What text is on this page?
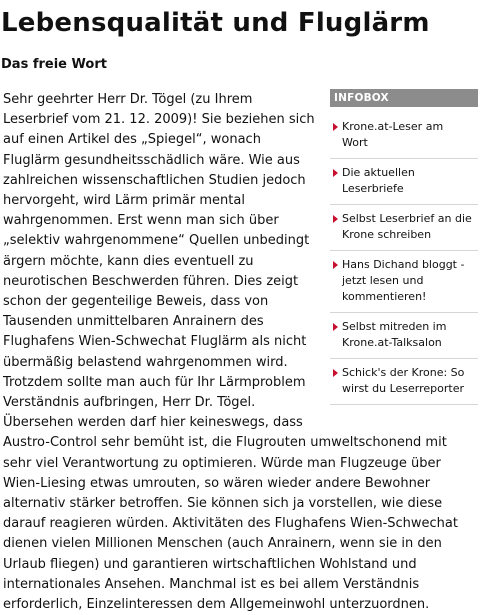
Lebensqualität und Fluglärm
Das freie Wort
Sehr geehrter Herr Dr. Tögel (zu Ihrem
Leserbrief vom 21. 12. 2009)! Sie beziehen sich
auf einen Artikel des „Spiegel“, wonach
Fluglärm gesundheitsschädlich wäre. Wie aus
zahlreichen wissenschaftlichen Studien jedoch
hervorgeht, wird Lärm primär mental
wahrgenommen. Erst wenn man sich über
„selektiv wahrgenommene“ Quellen unbedingt
ärgern möchte, kann dies eventuell zu
neurotischen Beschwerden führen. Dies zeigt
schon der gegenteilige Beweis, dass von
Tausenden unmittelbaren Anrainern des
Flughafens Wien-Schwechat Fluglärm als nicht
übermäßig belastend wahrgenommen wird.
Trotzdem sollte man auch für Ihr Lärmproblem
Verständnis aufbringen, Herr Dr. Tögel.
Übersehen werden darf hier keineswegs, dass
Austro-Control sehr bemüht ist, die Flugrouten umweltschonend mit
sehr viel Verantwortung zu optimieren. Würde man Flugzeuge über
Wien-Liesing etwas umrouten, so wären wieder andere Bewohner
alternativ stärker betroffen. Sie können sich ja vorstellen, wie diese
darauf reagieren würden. Aktivitäten des Flughafens Wien-Schwechat
dienen vielen Millionen Menschen (auch Anrainern, wenn sie in den
Urlaub fliegen) und garantieren wirtschaftlichen Wohlstand und
internationales Ansehen. Manchmal ist es bei allem Verständnis
erforderlich, Einzelinteressen dem Allgemeinwohl unterzuordnen.
INFOBOX
Krone.at-Leser am
Wort
Die aktuellen
Leserbriefe
Selbst Leserbrief an die
Krone schreiben
Hans Dichand bloggt -
jetzt lesen und
kommentieren!
Selbst mitreden im
Krone.at-Talksalon
Schick's der Krone: So
wirst du Leserreporter
